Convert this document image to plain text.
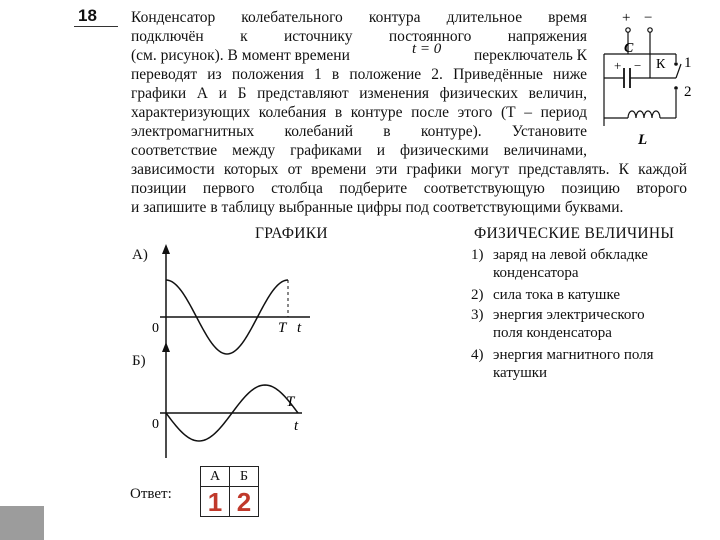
18 Конденсатор колебательного контура длительное время
подключён к источнику постоянного напряжения
(см. рисунок). В момент времени	t = 0	переключатель К
переводят из положения 1 в положение 2. Приведённые ниже
графики А и Б представляют изменения физических величин,
характеризующих колебания в контуре после этого (Т – период
электромагнитных колебаний в контуре). Установите
соответствие между графиками и физическими величинами,
зависимости которых от времени эти графики могут представлять. К каждой
позиции первого столбца подберите соответствующую позицию второго
и запишите в таблицу выбранные цифры под соответствующими буквами.
+ −
C
+ − К 1
2
L
ГРАФИКИ
А)
0	T t
Б)
0
T
t
ФИЗИЧЕСКИЕ ВЕЛИЧИНЫ
1) заряд на левой обкладке
конденсатора
2) сила тока в катушке
3) энергия электрического
поля конденсатора
4) энергия магнитного поля
катушки
Ответ:
А	Б
1	2
